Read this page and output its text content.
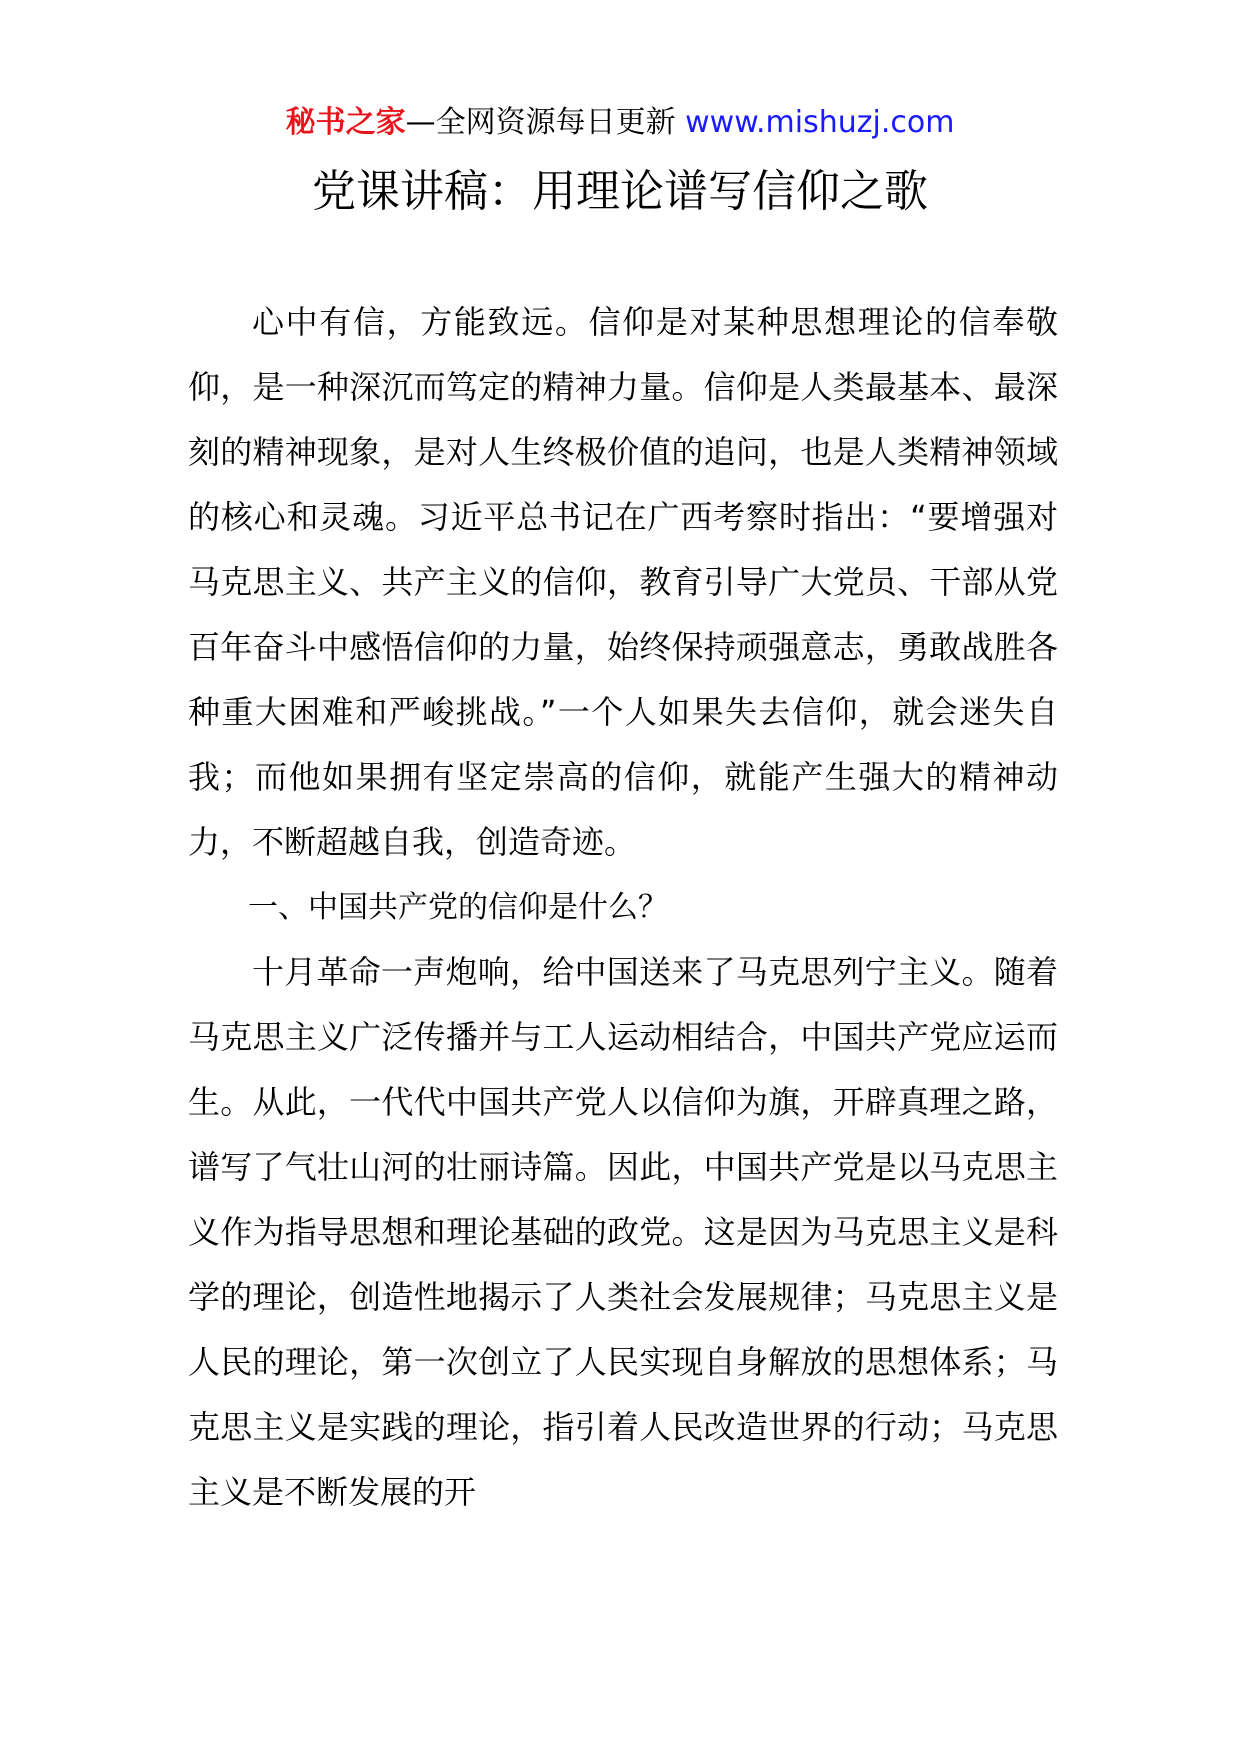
秘书之家—全网资源每日更新 www.mishuzj.com
党课讲稿：用理论谱写信仰之歌

心中有信，方能致远。信仰是对某种思想理论的信奉敬仰，是一种深沉而笃定的精神力量。信仰是人类最基本、最深刻的精神现象，是对人生终极价值的追问，也是人类精神领域的核心和灵魂。习近平总书记在广西考察时指出：“要增强对马克思主义、共产主义的信仰，教育引导广大党员、干部从党百年奋斗中感悟信仰的力量，始终保持顽强意志，勇敢战胜各种重大困难和严峻挑战。”一个人如果失去信仰，就会迷失自我；而他如果拥有坚定崇高的信仰，就能产生强大的精神动力，不断超越自我，创造奇迹。

一、中国共产党的信仰是什么？

十月革命一声炮响，给中国送来了马克思列宁主义。随着马克思主义广泛传播并与工人运动相结合，中国共产党应运而生。从此，一代代中国共产党人以信仰为旗，开辟真理之路，谱写了气壮山河的壮丽诗篇。因此，中国共产党是以马克思主义作为指导思想和理论基础的政党。这是因为马克思主义是科学的理论，创造性地揭示了人类社会发展规律；马克思主义是人民的理论，第一次创立了人民实现自身解放的思想体系；马克思主义是实践的理论，指引着人民改造世界的行动；马克思主义是不断发展的开
